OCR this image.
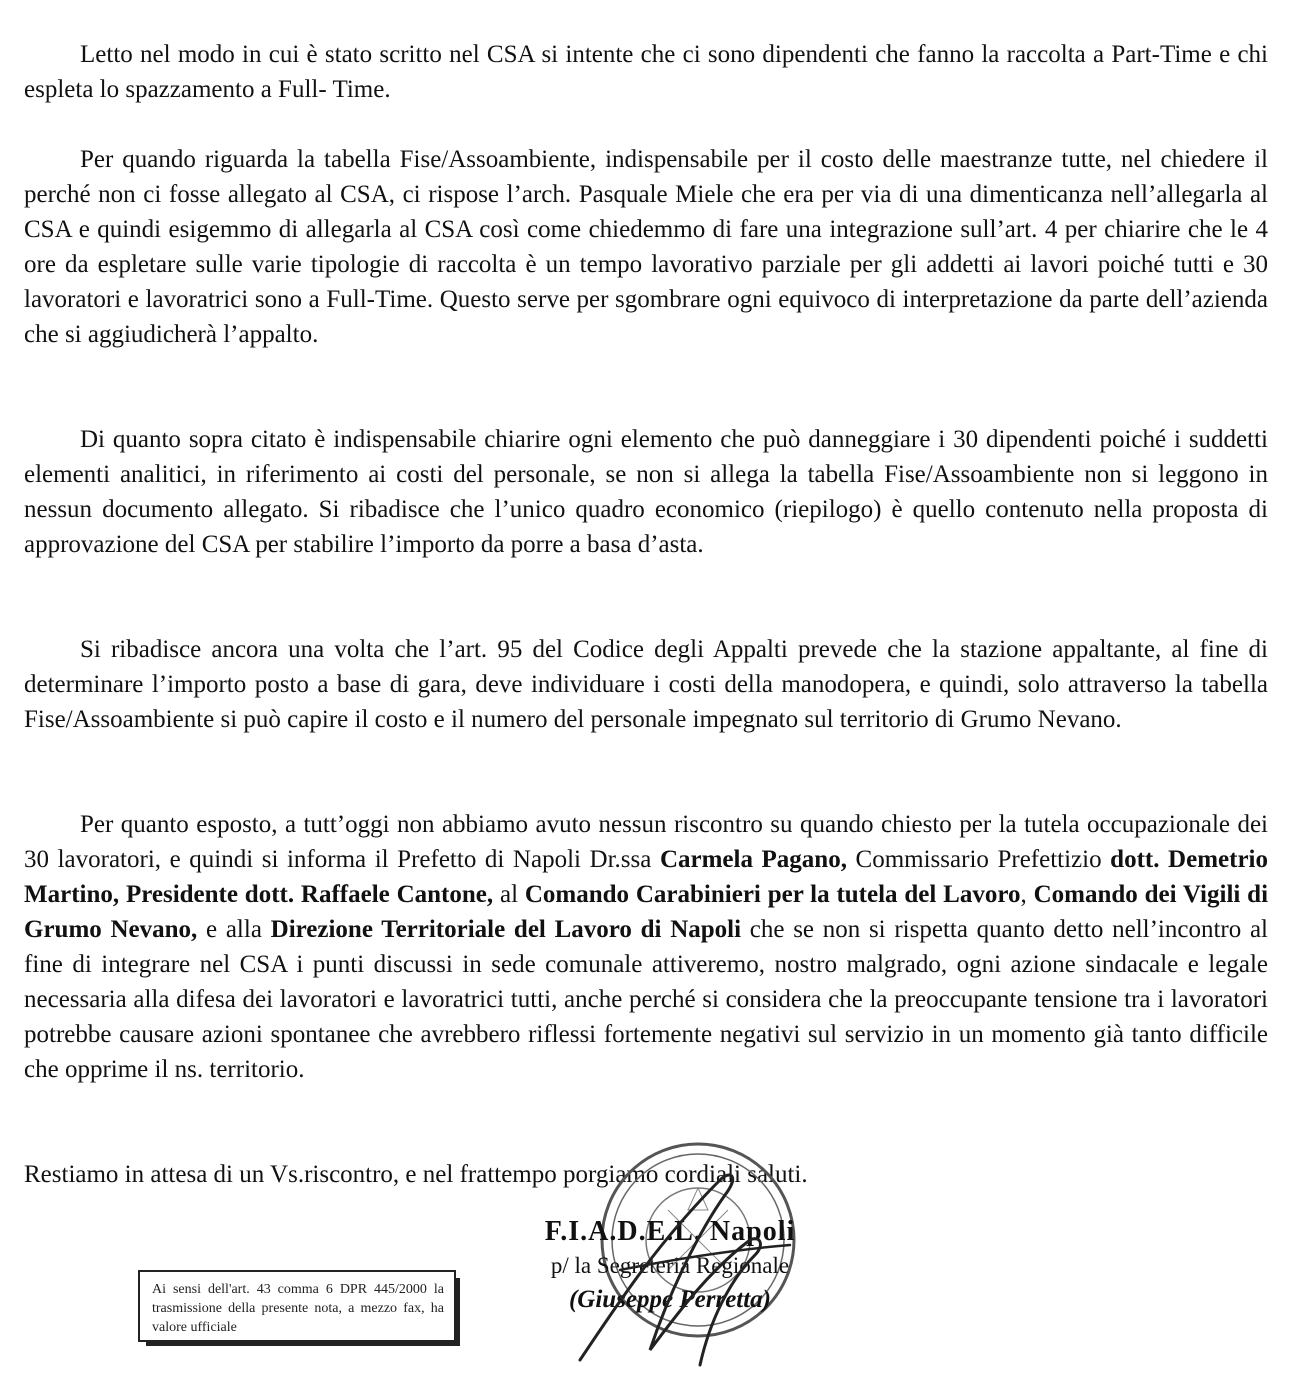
Letto nel modo in cui è stato scritto nel CSA si intente che ci sono dipendenti che fanno la raccolta a Part-Time e chi espleta lo spazzamento a Full- Time.

Per quando riguarda la tabella Fise/Assoambiente, indispensabile per il costo delle maestranze tutte, nel chiedere il perché non ci fosse allegato al CSA, ci rispose l’arch. Pasquale Miele che era per via di una dimenticanza nell’allegarla al CSA e quindi esigemmo di allegarla al CSA così come chiedemmo di fare una integrazione sull’art. 4 per chiarire che le 4 ore da espletare sulle varie tipologie di raccolta è un tempo lavorativo parziale per gli addetti ai lavori poiché tutti e 30 lavoratori e lavoratrici sono a Full-Time. Questo serve per sgombrare ogni equivoco di interpretazione da parte dell’azienda che si aggiudicherà l’appalto.

Di quanto sopra citato è indispensabile chiarire ogni elemento che può danneggiare i 30 dipendenti poiché i suddetti elementi analitici, in riferimento ai costi del personale, se non si allega la tabella Fise/Assoambiente non si leggono in nessun documento allegato. Si ribadisce che l’unico quadro economico (riepilogo) è quello contenuto nella proposta di approvazione del CSA per stabilire l’importo da porre a basa d’asta.

Si ribadisce ancora una volta che l’art. 95 del Codice degli Appalti prevede che la stazione appaltante, al fine di determinare l’importo posto a base di gara, deve individuare i costi della manodopera, e quindi, solo attraverso la tabella Fise/Assoambiente si può capire il costo e il numero del personale impegnato sul territorio di Grumo Nevano.

Per quanto esposto, a tutt’oggi non abbiamo avuto nessun riscontro su quando chiesto per la tutela occupazionale dei 30 lavoratori, e quindi si informa il Prefetto di Napoli Dr.ssa Carmela Pagano, Commissario Prefettizio dott. Demetrio Martino, Presidente dott. Raffaele Cantone, al Comando Carabinieri per la tutela del Lavoro, Comando dei Vigili di Grumo Nevano, e alla Direzione Territoriale del Lavoro di Napoli che se non si rispetta quanto detto nell’incontro al fine di integrare nel CSA i punti discussi in sede comunale attiveremo, nostro malgrado, ogni azione sindacale e legale necessaria alla difesa dei lavoratori e lavoratrici tutti, anche perché si considera che la preoccupante tensione tra i lavoratori potrebbe causare azioni spontanee che avrebbero riflessi fortemente negativi sul servizio in un momento già tanto difficile che opprime il ns. territorio.

Restiamo in attesa di un Vs.riscontro, e nel frattempo porgiamo cordiali saluti.

F.I.A.D.E.L. Napoli
p/ la Segreteria Regionale
(Giuseppe Perretta)
Ai sensi dell'art. 43 comma 6 DPR 445/2000 la trasmissione della presente nota, a mezzo fax, ha valore ufficiale
